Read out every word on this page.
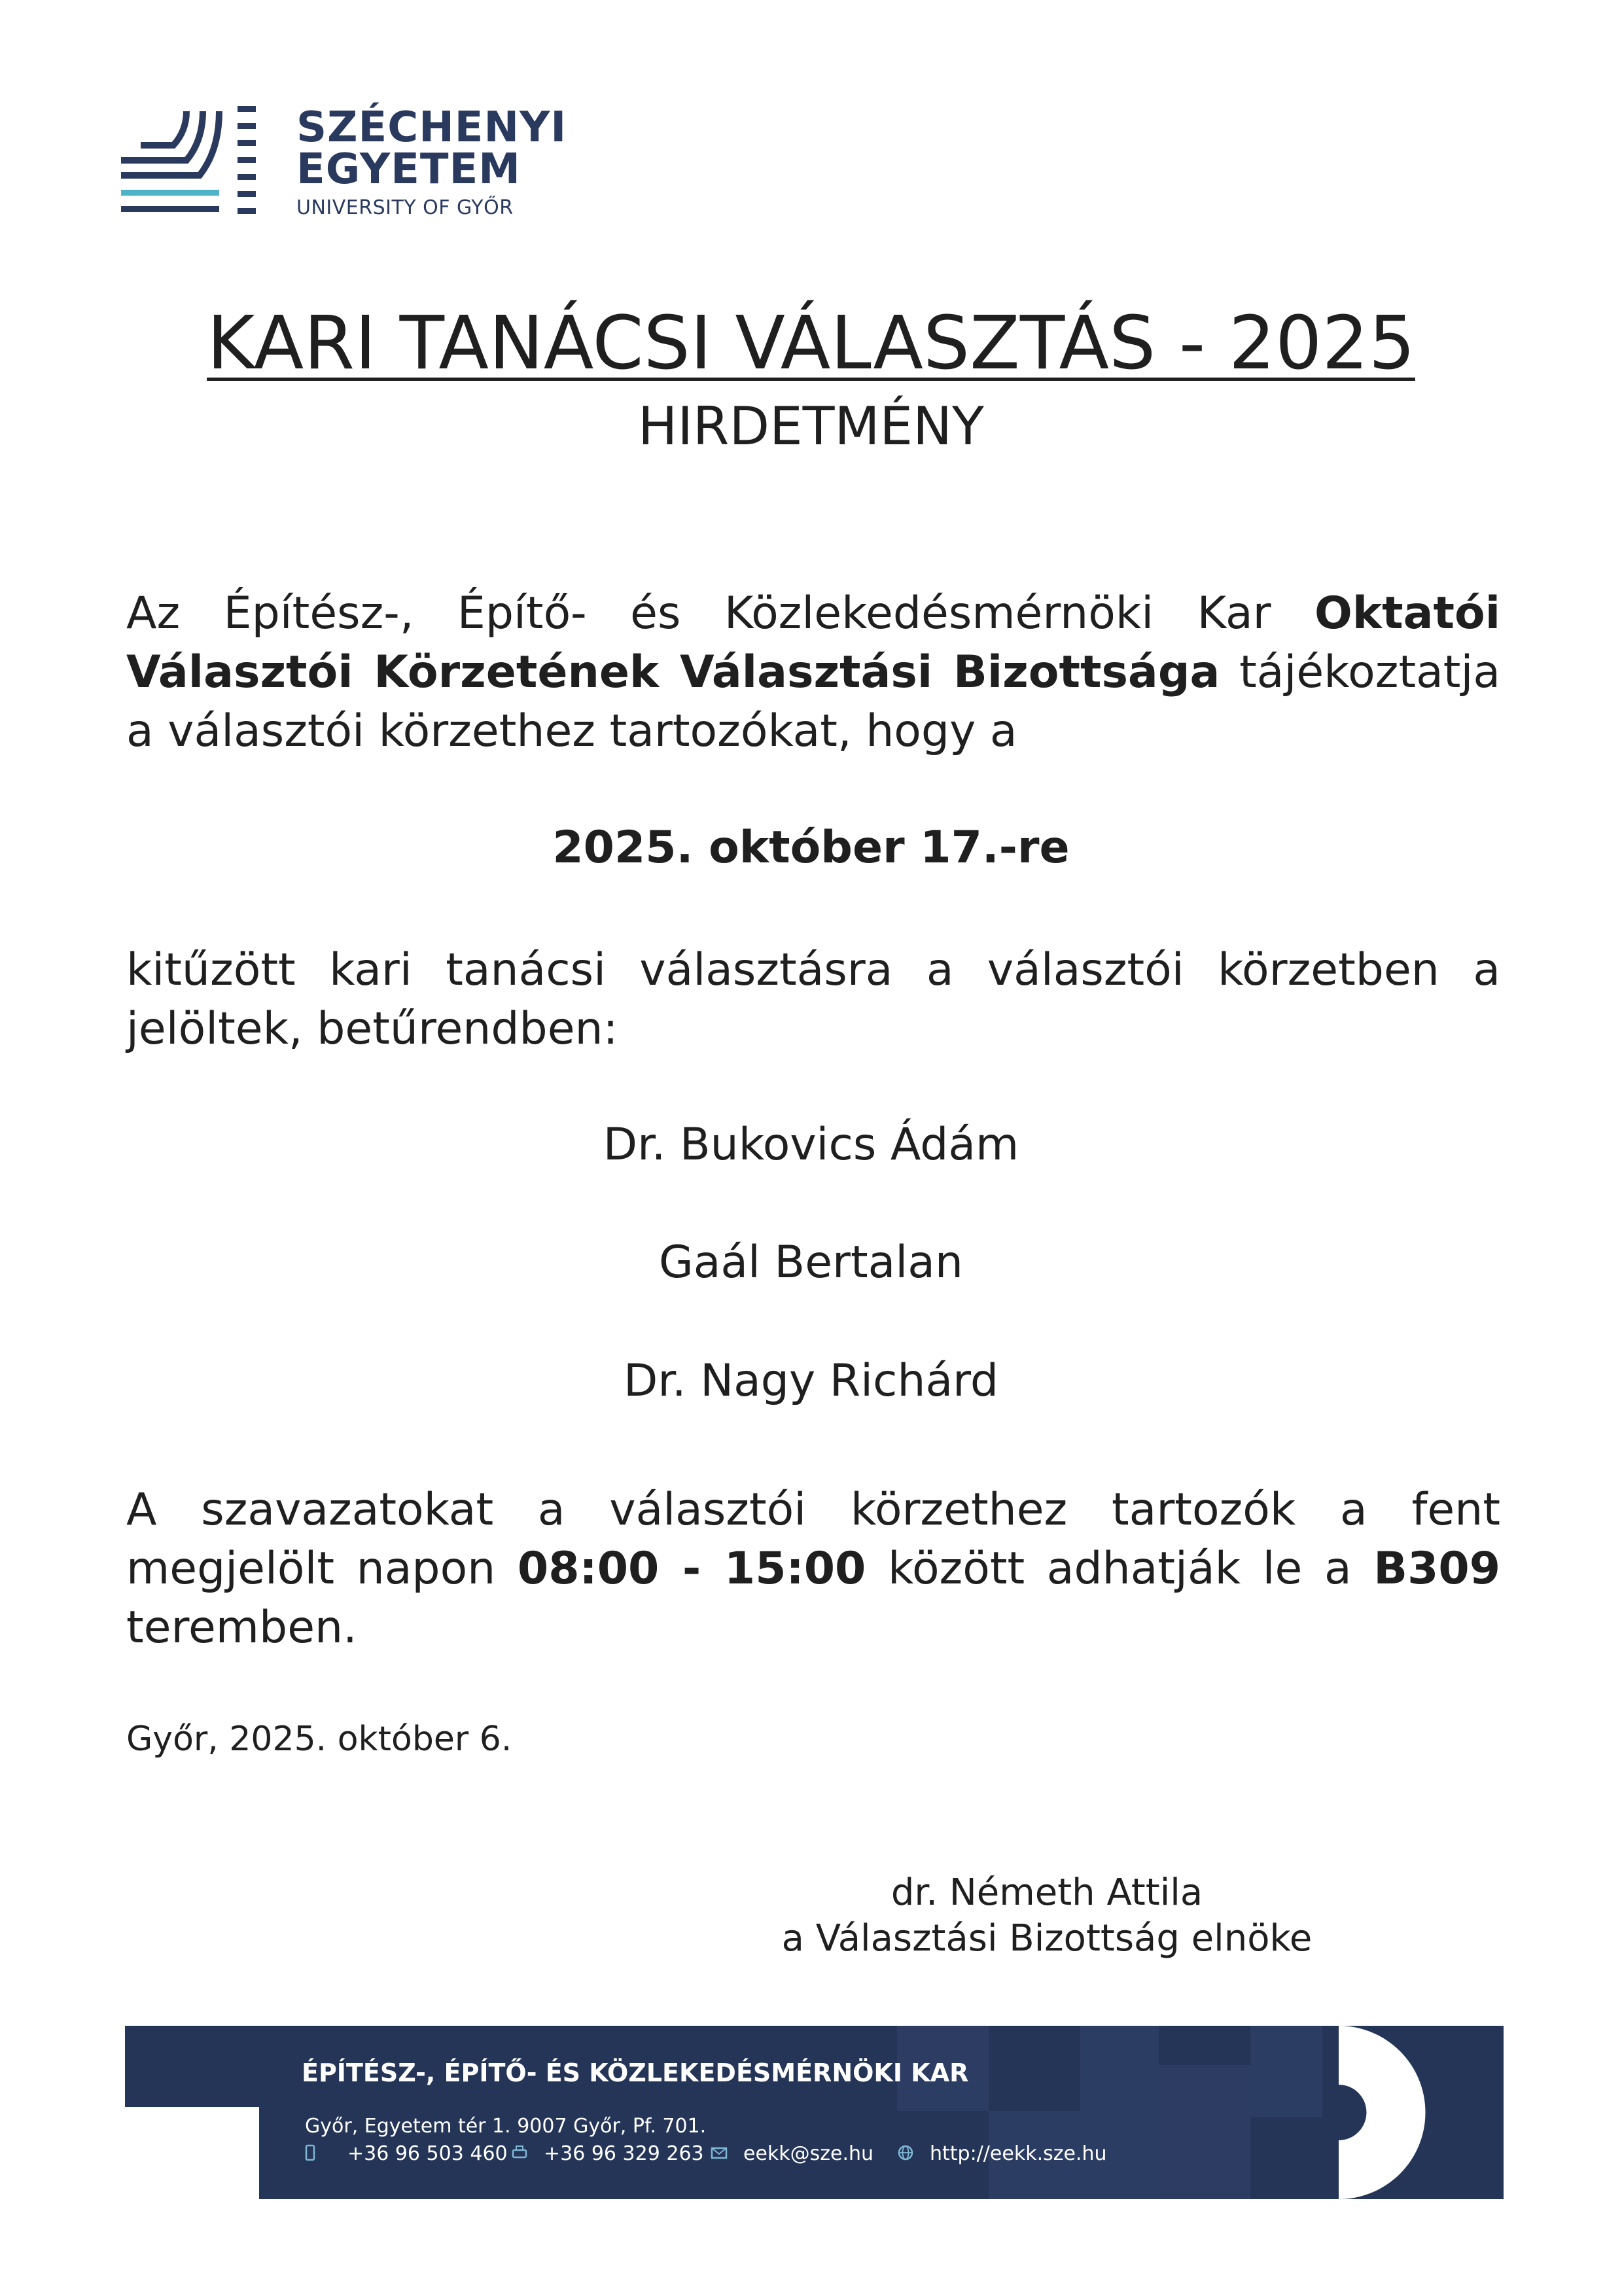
SZÉCHENYI
EGYETEM
UNIVERSITY OF GYŐR
KARI TANÁCSI VÁLASZTÁS - 2025
HIRDETMÉNY
Az Építész-, Építő- és Közlekedésmérnöki Kar Oktatói Választói Körzetének Választási Bizottsága tájékoztatja a választói körzethez tartozókat, hogy a
2025. október 17.-re
kitűzött kari tanácsi választásra a választói körzetben a jelöltek, betűrendben:
Dr. Bukovics Ádám
Gaál Bertalan
Dr. Nagy Richárd
A szavazatokat a választói körzethez tartozók a fent megjelölt napon 08:00 - 15:00 között adhatják le a B309 teremben.
Győr, 2025. október 6.
dr. Németh Attila
a Választási Bizottság elnöke
ÉPÍTÉSZ-, ÉPÍTŐ- ÉS KÖZLEKEDÉSMÉRNÖKI KAR
Győr, Egyetem tér 1. 9007 Győr, Pf. 701.
+36 96 503 460 +36 96 329 263 eekk@sze.hu	http://eekk.sze.hu
